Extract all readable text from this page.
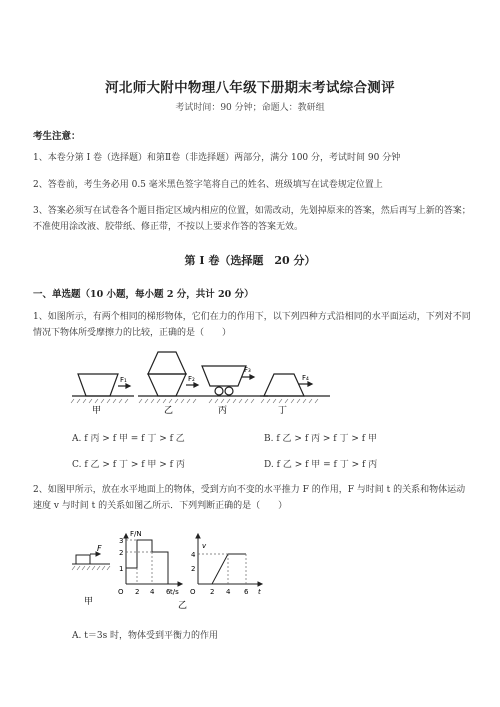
河北师大附中物理八年级下册期末考试综合测评
考试时间：90 分钟；命题人：教研组
考生注意：
1、本卷分第 I 卷（选择题）和第Ⅱ卷（非选择题）两部分，满分 100 分，考试时间 90 分钟
2、答卷前，考生务必用 0.5 毫米黑色签字笔将自己的姓名、班级填写在试卷规定位置上
3、答案必须写在试卷各个题目指定区域内相应的位置，如需改动，先划掉原来的答案，然后再写上新的答案；不准使用涂改液、胶带纸、修正带，不按以上要求作答的答案无效。
第 I 卷（选择题　20 分）
一、单选题（10 小题，每小题 2 分，共计 20 分）
1、如图所示，有两个相同的梯形物体，它们在力的作用下，以下列四种方式沿相同的水平面运动，下列对不同情况下物体所受摩擦力的比较，正确的是（　　）
F₁	F₂
F₃
F₄
甲	乙	丙	丁
A. f 丙 > f 甲 = f 丁 > f 乙	B. f 乙 > f 丙 > f 丁 > f 甲
C. f 乙 > f 丁 > f 甲 > f 丙	D. f 乙 > f 甲 = f 丁 > f 丙
2、如图甲所示，放在水平地面上的物体，受到方向不变的水平推力 F 的作用，F 与时间 t 的关系和物体运动速度 v 与时间 t 的关系如图乙所示．下列判断正确的是（　　）
F
甲
F/N
t/s
1
2
3
O 2 4 6
v
t
2
4
O 2 4 6
乙
A. t＝3s 时，物体受到平衡力的作用
